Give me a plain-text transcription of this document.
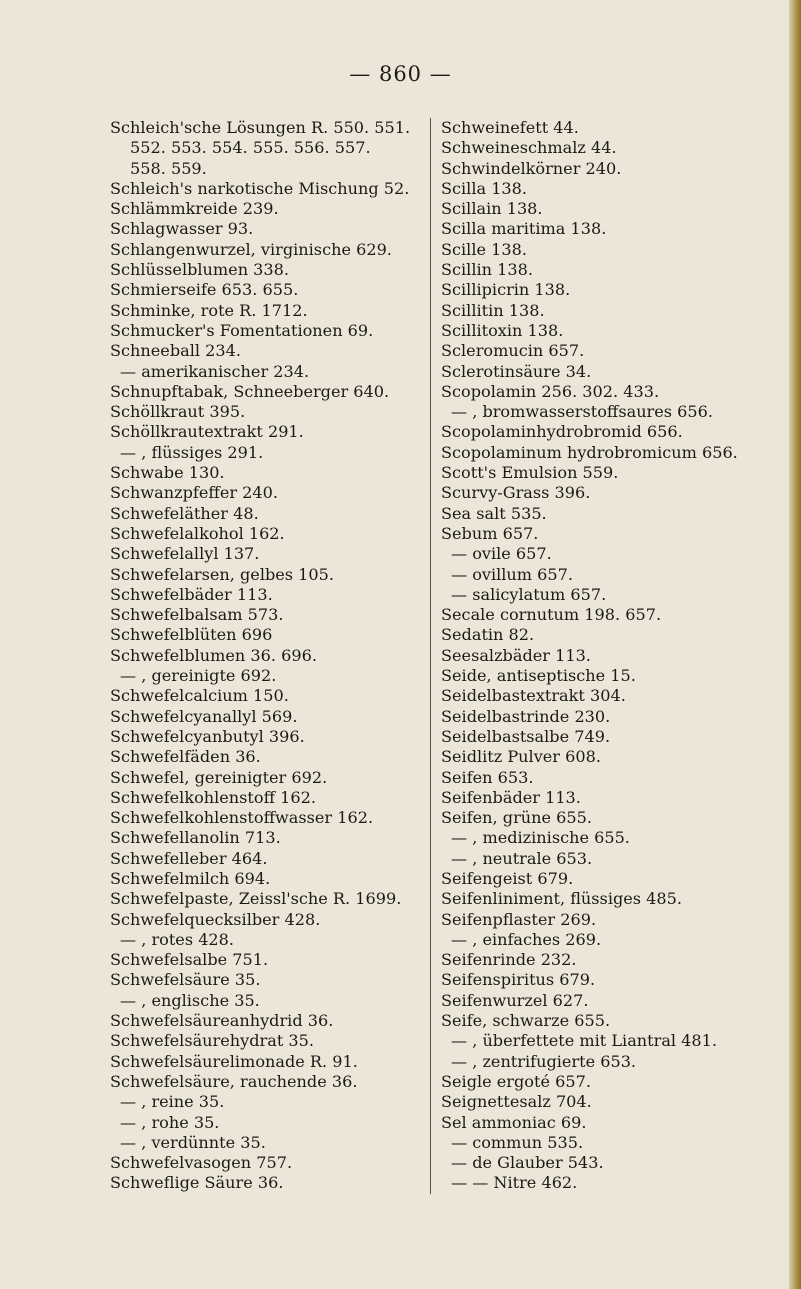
— 860 —
Schleich'sche Lösungen R. 550. 551.
552. 553. 554. 555. 556. 557.
558. 559.
Schleich's narkotische Mischung 52.
Schlämmkreide 239.
Schlagwasser 93.
Schlangenwurzel, virginische 629.
Schlüsselblumen 338.
Schmierseife 653. 655.
Schminke, rote R. 1712.
Schmucker's Fomentationen 69.
Schneeball 234.
— amerikanischer 234.
Schnupftabak, Schneeberger 640.
Schöllkraut 395.
Schöllkrautextrakt 291.
— , flüssiges 291.
Schwabe 130.
Schwanzpfeffer 240.
Schwefeläther 48.
Schwefelalkohol 162.
Schwefelallyl 137.
Schwefelarsen, gelbes 105.
Schwefelbäder 113.
Schwefelbalsam 573.
Schwefelblüten 696
Schwefelblumen 36. 696.
— , gereinigte 692.
Schwefelcalcium 150.
Schwefelcyanallyl 569.
Schwefelcyanbutyl 396.
Schwefelfäden 36.
Schwefel, gereinigter 692.
Schwefelkohlenstoff 162.
Schwefelkohlenstoffwasser 162.
Schwefellanolin 713.
Schwefelleber 464.
Schwefelmilch 694.
Schwefelpaste, Zeissl'sche R. 1699.
Schwefelquecksilber 428.
— , rotes 428.
Schwefelsalbe 751.
Schwefelsäure 35.
— , englische 35.
Schwefelsäureanhydrid 36.
Schwefelsäurehydrat 35.
Schwefelsäurelimonade R. 91.
Schwefelsäure, rauchende 36.
— , reine 35.
— , rohe 35.
— , verdünnte 35.
Schwefelvasogen 757.
Schweflige Säure 36.
Schweinefett 44.
Schweineschmalz 44.
Schwindelkörner 240.
Scilla 138.
Scillain 138.
Scilla maritima 138.
Scille 138.
Scillin 138.
Scillipicrin 138.
Scillitin 138.
Scillitoxin 138.
Scleromucin 657.
Sclerotinsäure 34.
Scopolamin 256. 302. 433.
— , bromwasserstoffsaures 656.
Scopolaminhydrobromid 656.
Scopolaminum hydrobromicum 656.
Scott's Emulsion 559.
Scurvy-Grass 396.
Sea salt 535.
Sebum 657.
— ovile 657.
— ovillum 657.
— salicylatum 657.
Secale cornutum 198. 657.
Sedatin 82.
Seesalzbäder 113.
Seide, antiseptische 15.
Seidelbastextrakt 304.
Seidelbastrinde 230.
Seidelbastsalbe 749.
Seidlitz Pulver 608.
Seifen 653.
Seifenbäder 113.
Seifen, grüne 655.
— , medizinische 655.
— , neutrale 653.
Seifengeist 679.
Seifenliniment, flüssiges 485.
Seifenpflaster 269.
— , einfaches 269.
Seifenrinde 232.
Seifenspiritus 679.
Seifenwurzel 627.
Seife, schwarze 655.
— , überfettete mit Liantral 481.
— , zentrifugierte 653.
Seigle ergoté 657.
Seignettesalz 704.
Sel ammoniac 69.
— commun 535.
— de Glauber 543.
— — Nitre 462.
